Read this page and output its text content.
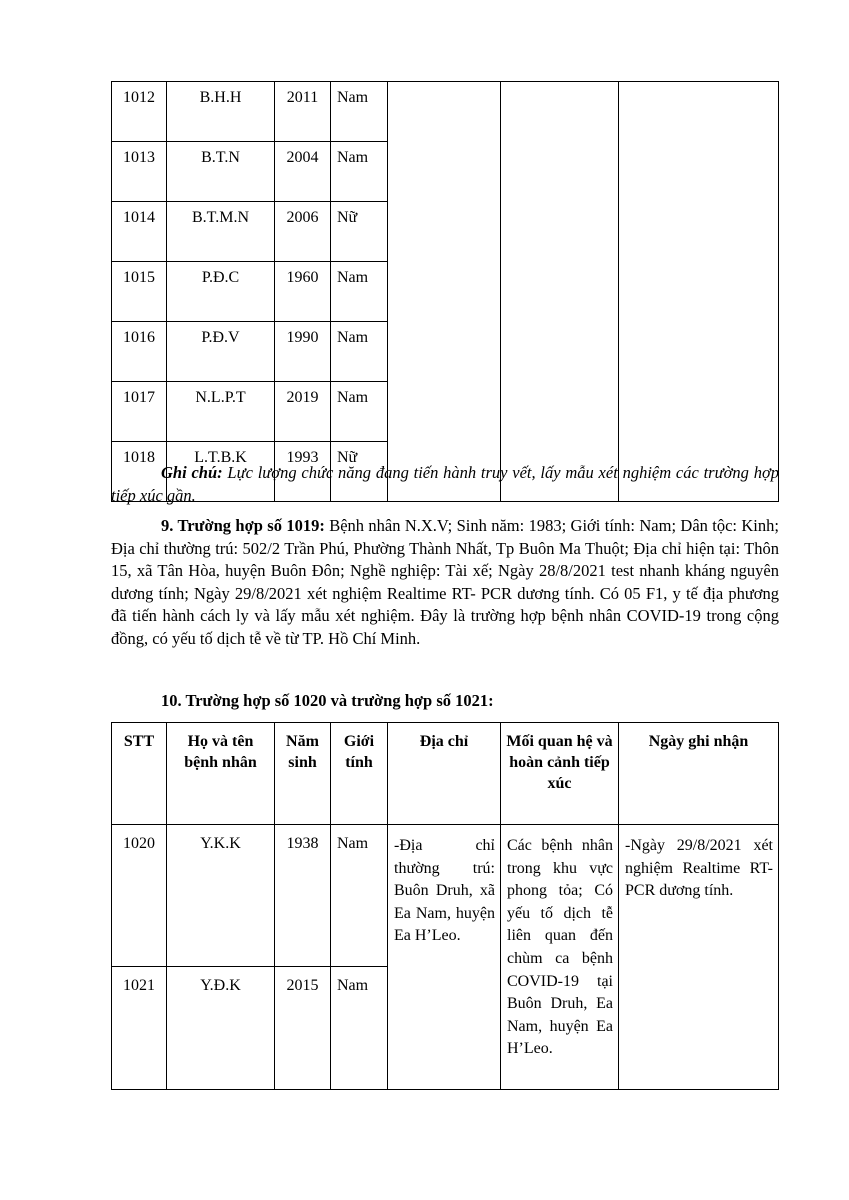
1012	B.H.H	2011	Nam			
1013	B.T.N	2004	Nam			
1014	B.T.M.N	2006	Nữ			
1015	P.Đ.C	1960	Nam			
1016	P.Đ.V	1990	Nam			
1017	N.L.P.T	2019	Nam			
1018	L.T.B.K	1993	Nữ			

Ghi chú: Lực lượng chức năng đang tiến hành truy vết, lấy mẫu xét nghiệm các trường hợp tiếp xúc gần.

9. Trường hợp số 1019: Bệnh nhân N.X.V; Sinh năm: 1983; Giới tính: Nam; Dân tộc: Kinh; Địa chỉ thường trú: 502/2 Trần Phú, Phường Thành Nhất, Tp Buôn Ma Thuột; Địa chỉ hiện tại: Thôn 15, xã Tân Hòa, huyện Buôn Đôn; Nghề nghiệp: Tài xế; Ngày 28/8/2021 test nhanh kháng nguyên dương tính; Ngày 29/8/2021 xét nghiệm Realtime RT- PCR dương tính. Có 05 F1, y tế địa phương đã tiến hành cách ly và lấy mẫu xét nghiệm. Đây là trường hợp bệnh nhân COVID-19 trong cộng đồng, có yếu tố dịch tễ về từ TP. Hồ Chí Minh.

10. Trường hợp số 1020 và trường hợp số 1021:

STT	Họ và tên bệnh nhân	Năm sinh	Giới tính	Địa chỉ	Mối quan hệ và hoàn cảnh tiếp xúc	Ngày ghi nhận
1020	Y.K.K	1938	Nam	-Địa chỉ thường trú: Buôn Druh, xã Ea Nam, huyện Ea H’Leo.	Các bệnh nhân trong khu vực phong tỏa; Có yếu tố dịch tễ liên quan đến chùm ca bệnh COVID-19 tại Buôn Druh, Ea Nam, huyện Ea H’Leo.	-Ngày 29/8/2021 xét nghiệm Realtime RT-PCR dương tính.
1021	Y.Đ.K	2015	Nam			
